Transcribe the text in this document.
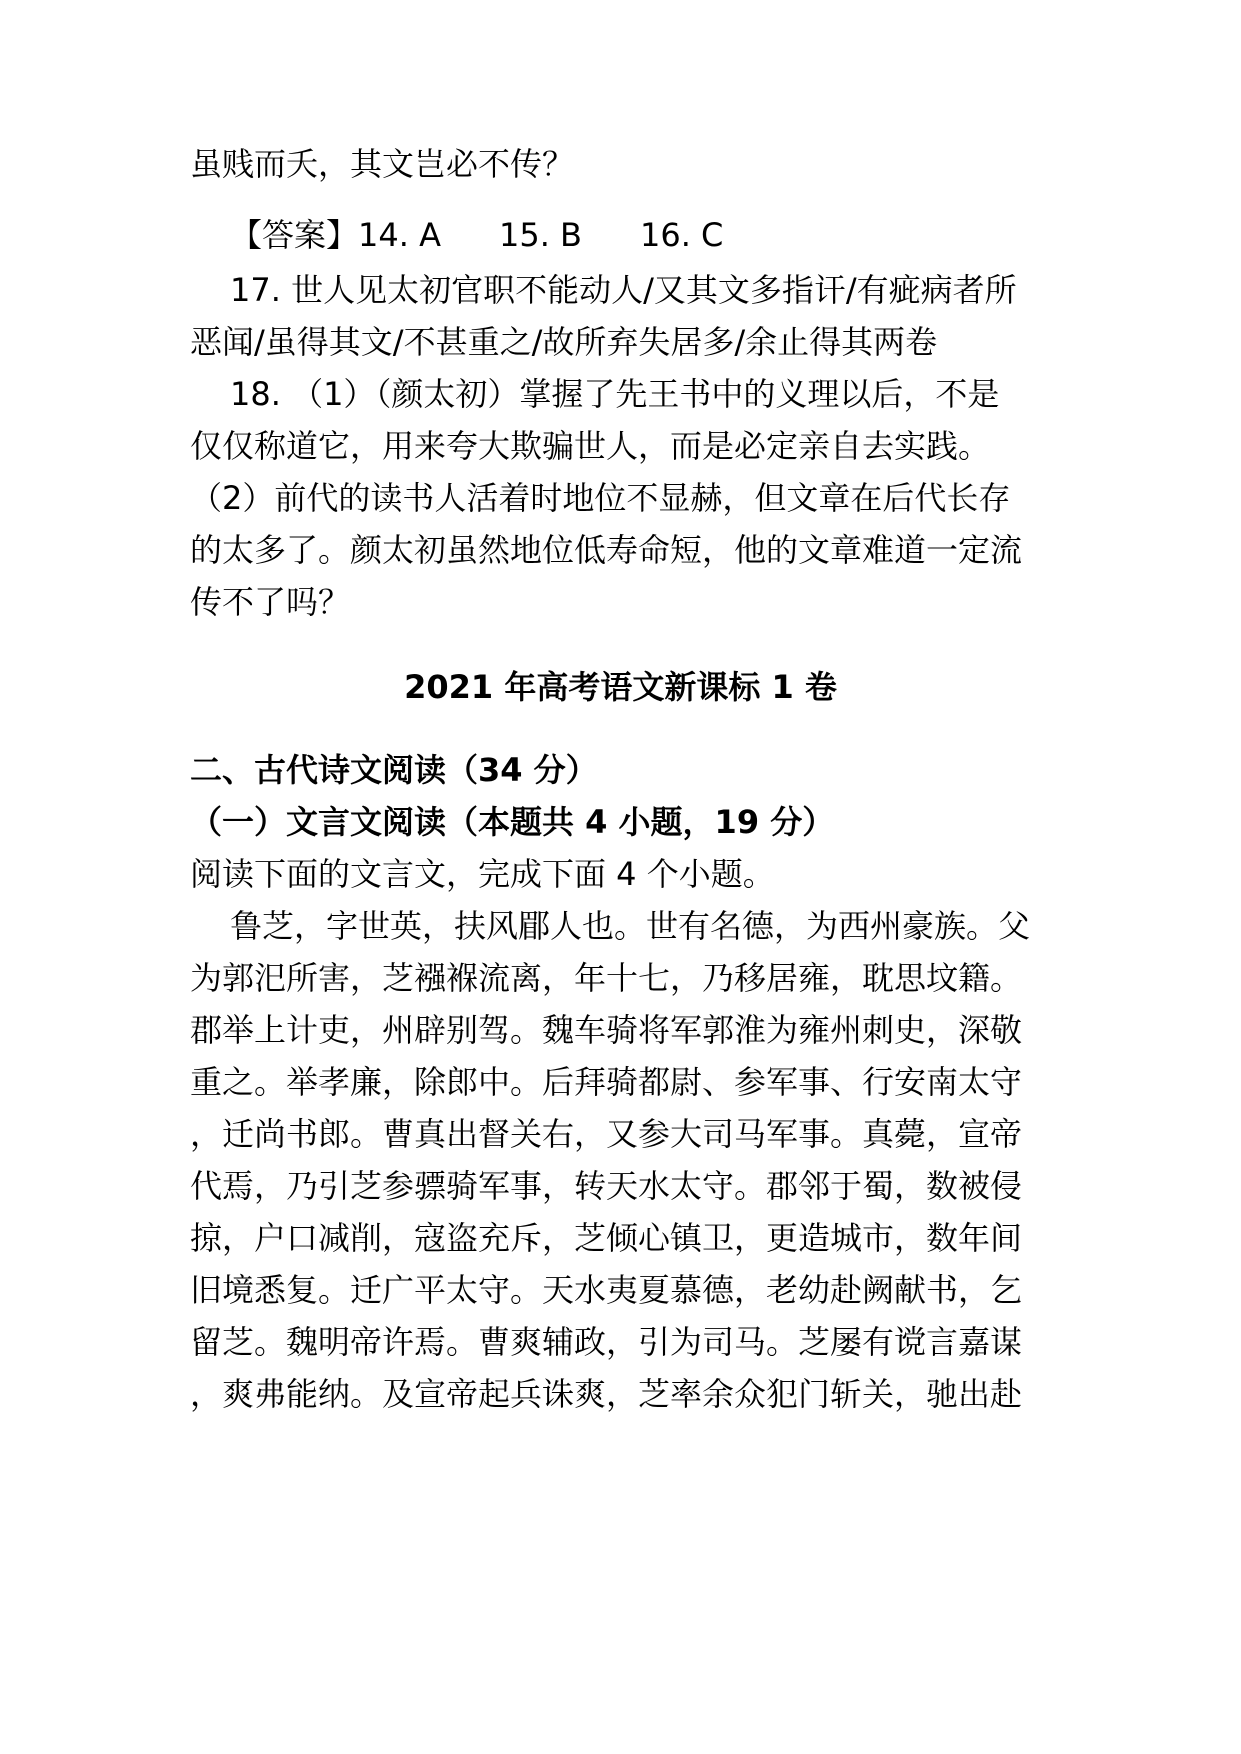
虽贱而夭，其文岂必不传？

【答案】14. A 15. B 16. C

17. 世人见太初官职不能动人/又其文多指讦/有疵病者所

恶闻/虽得其文/不甚重之/故所弃失居多/余止得其两卷

18. （1）（颜太初）掌握了先王书中的义理以后，不是

仅仅称道它，用来夸大欺骗世人，而是必定亲自去实践。

（2）前代的读书人活着时地位不显赫，但文章在后代长存

的太多了。颜太初虽然地位低寿命短，他的文章难道一定流

传不了吗？

2021 年高考语文新课标 1 卷

二、古代诗文阅读（34 分）

（一）文言文阅读（本题共 4 小题，19 分）

阅读下面的文言文，完成下面 4 个小题。

鲁芝，字世英，扶风郿人也。世有名德，为西州豪族。父

为郭汜所害，芝襁褓流离，年十七，乃移居雍，耽思坟籍。

郡举上计吏，州辟别驾。魏车骑将军郭淮为雍州刺史，深敬

重之。举孝廉，除郎中。后拜骑都尉、参军事、行安南太守

，迁尚书郎。曹真出督关右，又参大司马军事。真薨，宣帝

代焉，乃引芝参骠骑军事，转天水太守。郡邻于蜀，数被侵

掠，户口减削，寇盗充斥，芝倾心镇卫，更造城市，数年间

旧境悉复。迁广平太守。天水夷夏慕德，老幼赴阙献书，乞

留芝。魏明帝许焉。曹爽辅政，引为司马。芝屡有谠言嘉谋

，爽弗能纳。及宣帝起兵诛爽，芝率余众犯门斩关，驰出赴
